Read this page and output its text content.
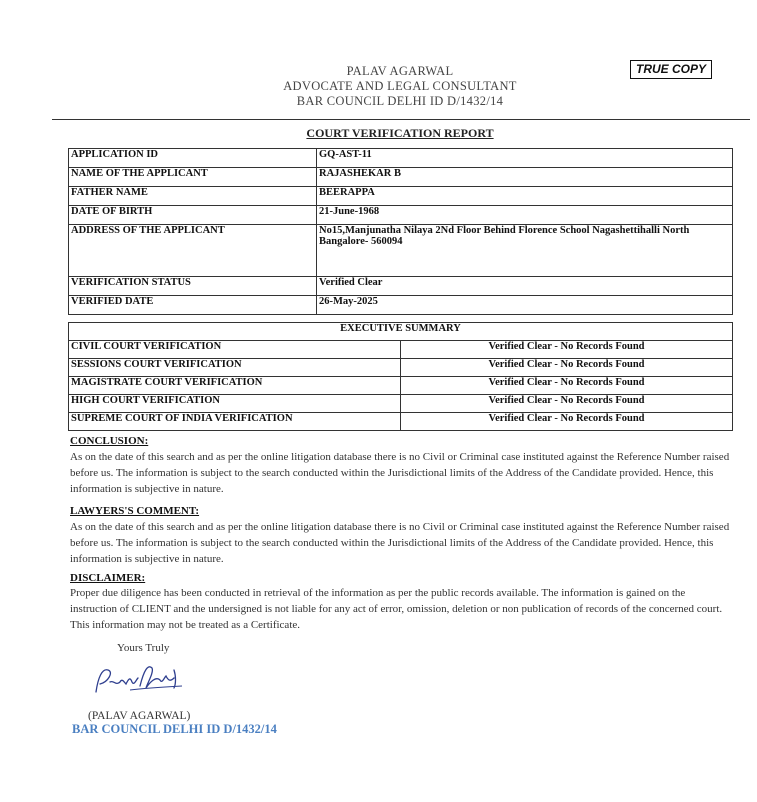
PALAV AGARWAL
ADVOCATE AND LEGAL CONSULTANT
BAR COUNCIL DELHI ID D/1432/14
TRUE COPY
COURT VERIFICATION REPORT
APPLICATION ID	GQ-AST-11
NAME OF THE APPLICANT	RAJASHEKAR B
FATHER NAME	BEERAPPA
DATE OF BIRTH	21-June-1968
ADDRESS OF THE APPLICANT	No15,Manjunatha Nilaya 2Nd Floor Behind Florence School Nagashettihalli North Bangalore- 560094
VERIFICATION STATUS	Verified Clear
VERIFIED DATE	26-May-2025
EXECUTIVE SUMMARY	
CIVIL COURT VERIFICATION	Verified Clear - No Records Found
SESSIONS COURT VERIFICATION	Verified Clear - No Records Found
MAGISTRATE COURT VERIFICATION	Verified Clear - No Records Found
HIGH COURT VERIFICATION	Verified Clear - No Records Found
SUPREME COURT OF INDIA VERIFICATION	Verified Clear - No Records Found
CONCLUSION:
As on the date of this search and as per the online litigation database there is no Civil or Criminal case instituted against the Reference Number raised before us. The information is subject to the search conducted within the Jurisdictional limits of the Address of the Candidate provided. Hence, this information is subjective in nature.
LAWYERS'S COMMENT:
As on the date of this search and as per the online litigation database there is no Civil or Criminal case instituted against the Reference Number raised before us. The information is subject to the search conducted within the Jurisdictional limits of the Address of the Candidate provided. Hence, this information is subjective in nature.
DISCLAIMER:
Proper due diligence has been conducted in retrieval of the information as per the public records available. The information is gained on the instruction of CLIENT and the undersigned is not liable for any act of error, omission, deletion or non publication of records of the concerned court. This information may not be treated as a Certificate.
Yours Truly
(PALAV AGARWAL)
BAR COUNCIL DELHI ID D/1432/14
